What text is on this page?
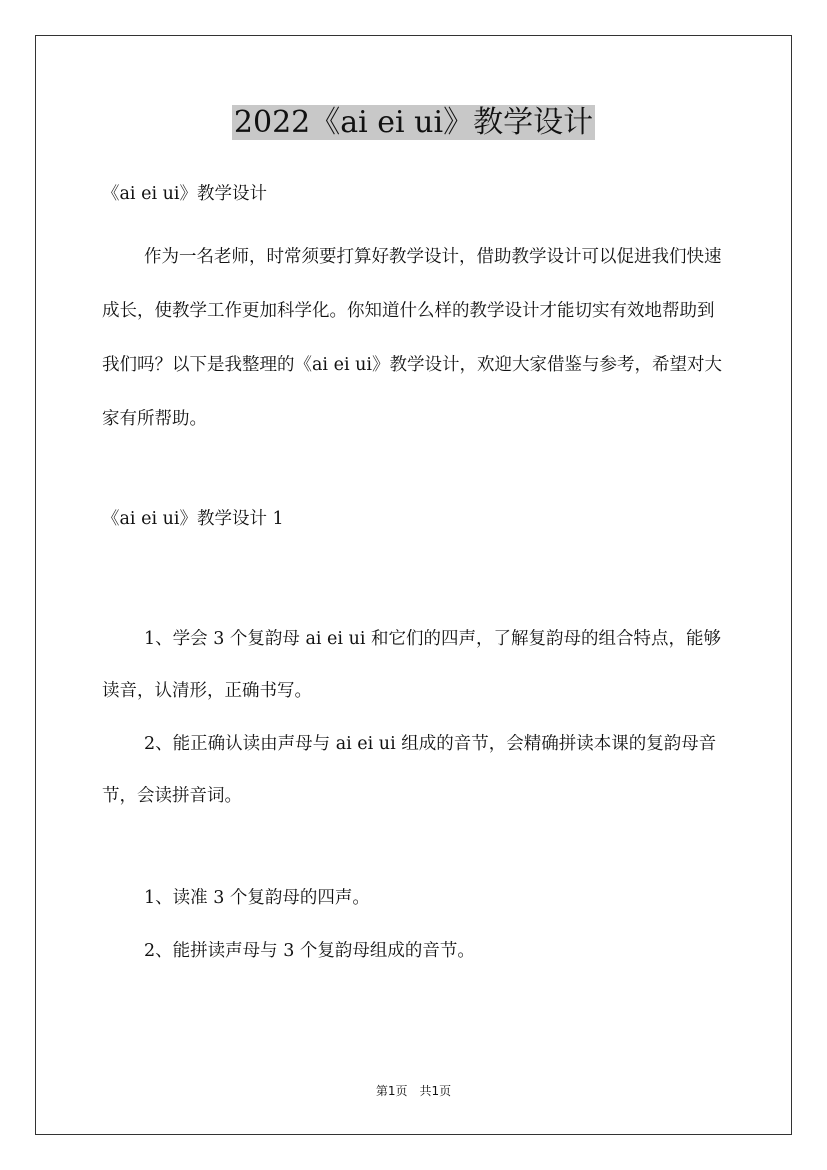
2022《ai ei ui》教学设计

《ai ei ui》教学设计

作为一名老师，时常须要打算好教学设计，借助教学设计可以促进我们快速成长，使教学工作更加科学化。你知道什么样的教学设计才能切实有效地帮助到我们吗？以下是我整理的《ai ei ui》教学设计，欢迎大家借鉴与参考，希望对大家有所帮助。

《ai ei ui》教学设计 1

1、学会 3 个复韵母 ai ei ui 和它们的四声，了解复韵母的组合特点，能够读音，认清形，正确书写。

2、能正确认读由声母与 ai ei ui 组成的音节，会精确拼读本课的复韵母音节，会读拼音词。

1、读准 3 个复韵母的四声。

2、能拼读声母与 3 个复韵母组成的音节。

第1页　共1页
